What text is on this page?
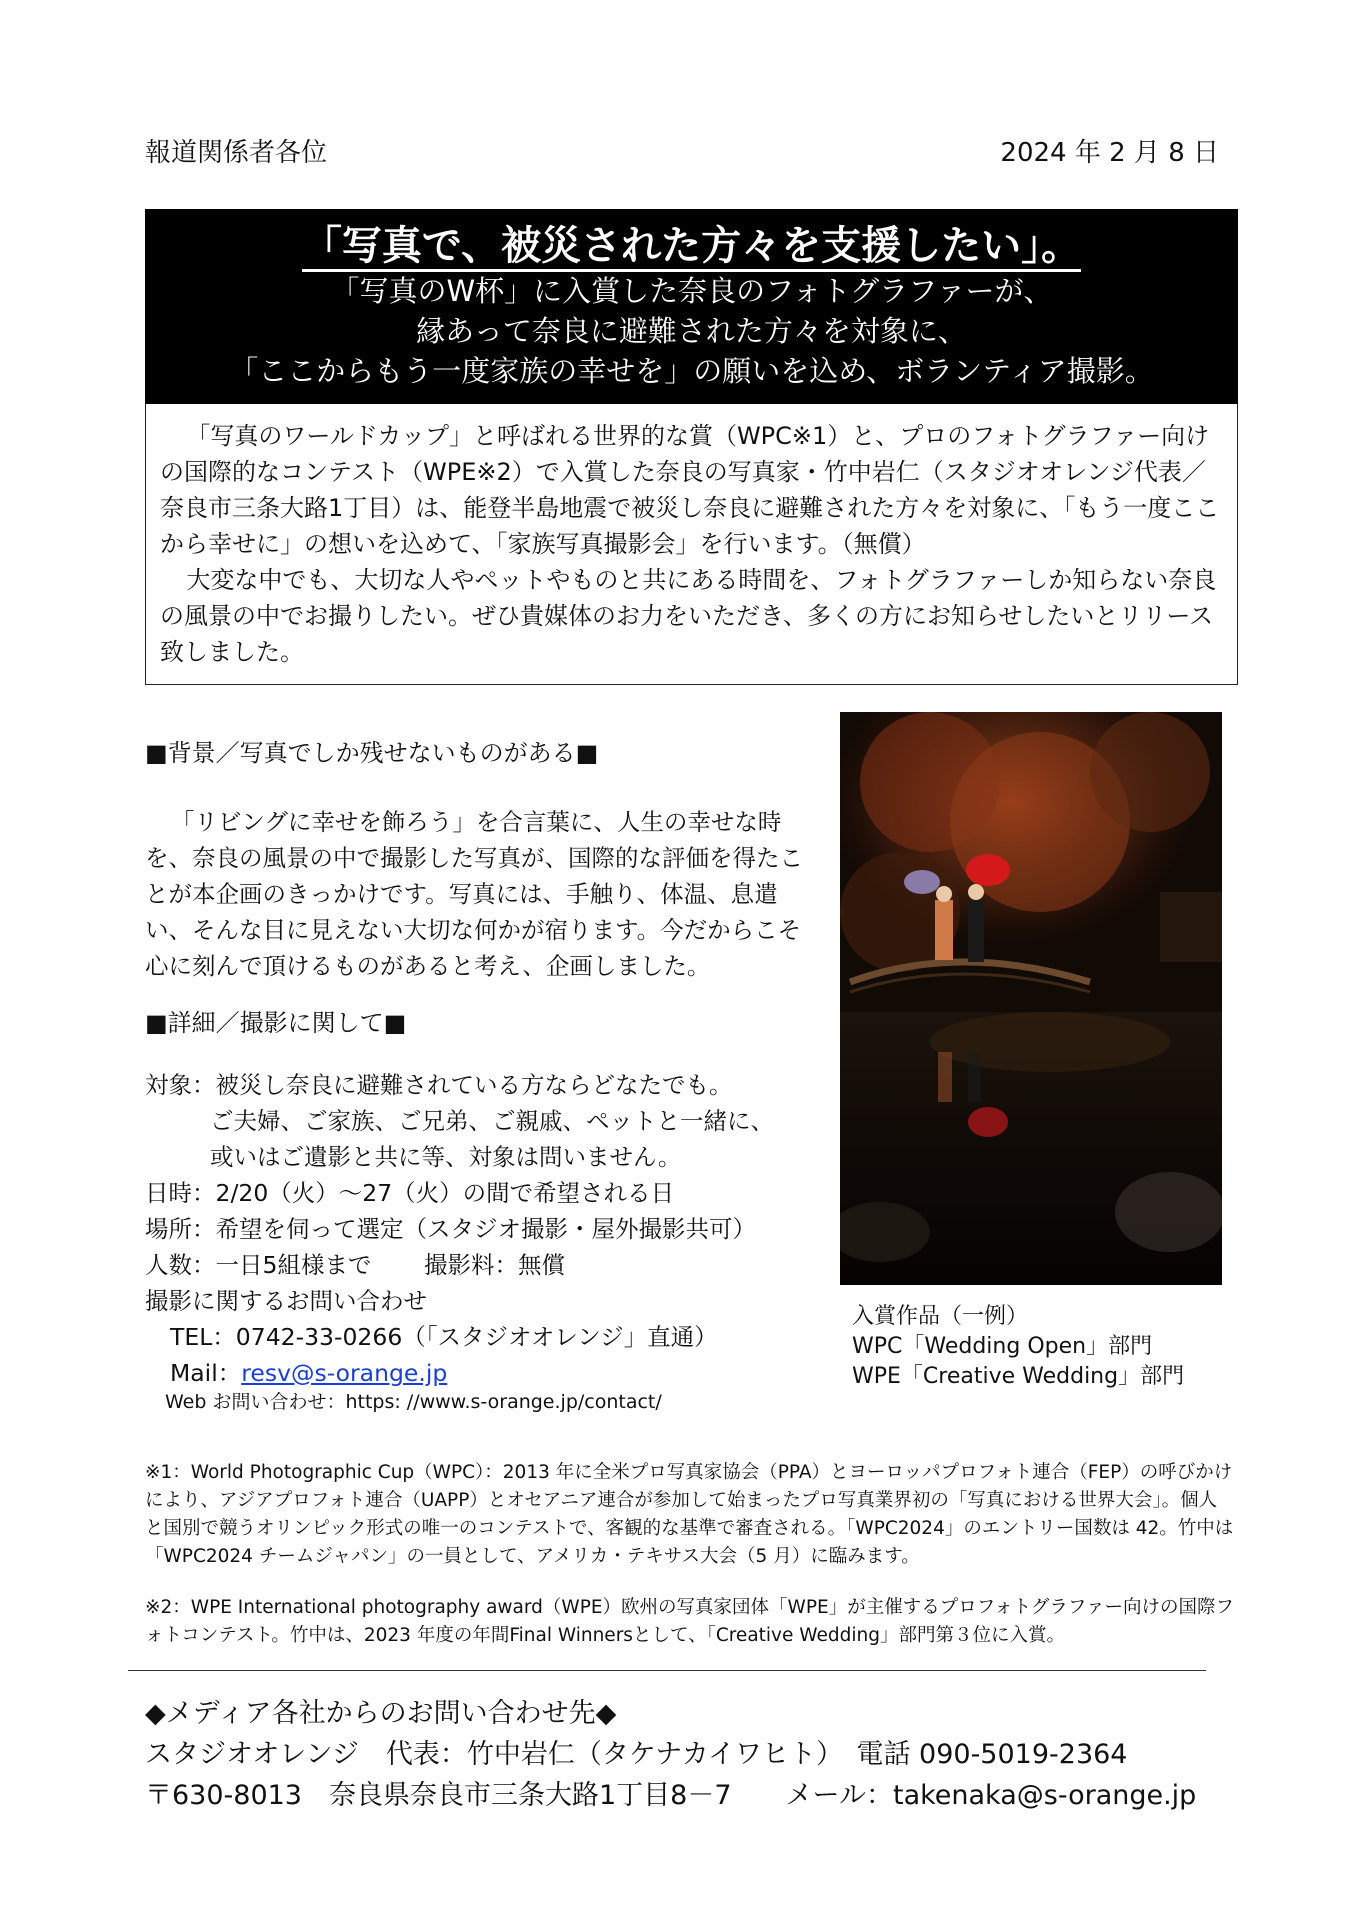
報道関係者各位	2024 年 2 月 8 日
「写真で、被災された方々を支援したい」。
「写真のW杯」に入賞した奈良のフォトグラファーが、
縁あって奈良に避難された方々を対象に、
「ここからもう一度家族の幸せを」の願いを込め、ボランティア撮影。

「写真のワールドカップ」と呼ばれる世界的な賞（WPC※1）と、プロのフォトグラファー向けの国際的なコンテスト（WPE※2）で入賞した奈良の写真家・竹中岩仁（スタジオオレンジ代表／奈良市三条大路1丁目）は、能登半島地震で被災し奈良に避難された方々を対象に、「もう一度ここから幸せに」の想いを込めて、「家族写真撮影会」を行います。（無償）

大変な中でも、大切な人やペットやものと共にある時間を、フォトグラファーしか知らない奈良の風景の中でお撮りしたい。ぜひ貴媒体のお力をいただき、多くの方にお知らせしたいとリリース致しました。

■背景／写真でしか残せないものがある■
「リビングに幸せを飾ろう」を合言葉に、人生の幸せな時を、奈良の風景の中で撮影した写真が、国際的な評価を得たことが本企画のきっかけです。写真には、手触り、体温、息遣い、そんな目に見えない大切な何かが宿ります。今だからこそ心に刻んで頂けるものがあると考え、企画しました。
■詳細／撮影に関して■
対象：被災し奈良に避難されている方ならどなたでも。
ご夫婦、ご家族、ご兄弟、ご親戚、ペットと一緒に、
或いはご遺影と共に等、対象は問いません。
日時：2/20（火）～27（火）の間で希望される日
場所：希望を伺って選定（スタジオ撮影・屋外撮影共可）
人数：一日5組様まで 撮影料：無償
撮影に関するお問い合わせ
TEL：0742-33-0266（「スタジオオレンジ」直通）
Mail：resv@s-orange.jp
Web お問い合わせ：https: //www.s-orange.jp/contact/
入賞作品（一例）
WPC「Wedding Open」部門
WPE「Creative Wedding」部門
※1：World Photographic Cup（WPC）：2013 年に全米プロ写真家協会（PPA）とヨーロッパプロフォト連合（FEP）の呼びかけにより、アジアプロフォト連合（UAPP）とオセアニア連合が参加して始まったプロ写真業界初の「写真における世界大会」。個人と国別で競うオリンピック形式の唯一のコンテストで、客観的な基準で審査される。「WPC2024」のエントリー国数は 42。竹中は「WPC2024 チームジャパン」の一員として、アメリカ・テキサス大会（5 月）に臨みます。
※2：WPE International photography award（WPE）欧州の写真家団体「WPE」が主催するプロフォトグラファー向けの国際フォトコンテスト。竹中は、2023 年度の年間Final Winnersとして、「Creative Wedding」部門第３位に入賞。
◆メディア各社からのお問い合わせ先◆
スタジオオレンジ　代表：竹中岩仁（タケナカイワヒト）　電話 090-5019-2364
〒630-8013　奈良県奈良市三条大路1丁目8－7　　メール：takenaka@s-orange.jp
